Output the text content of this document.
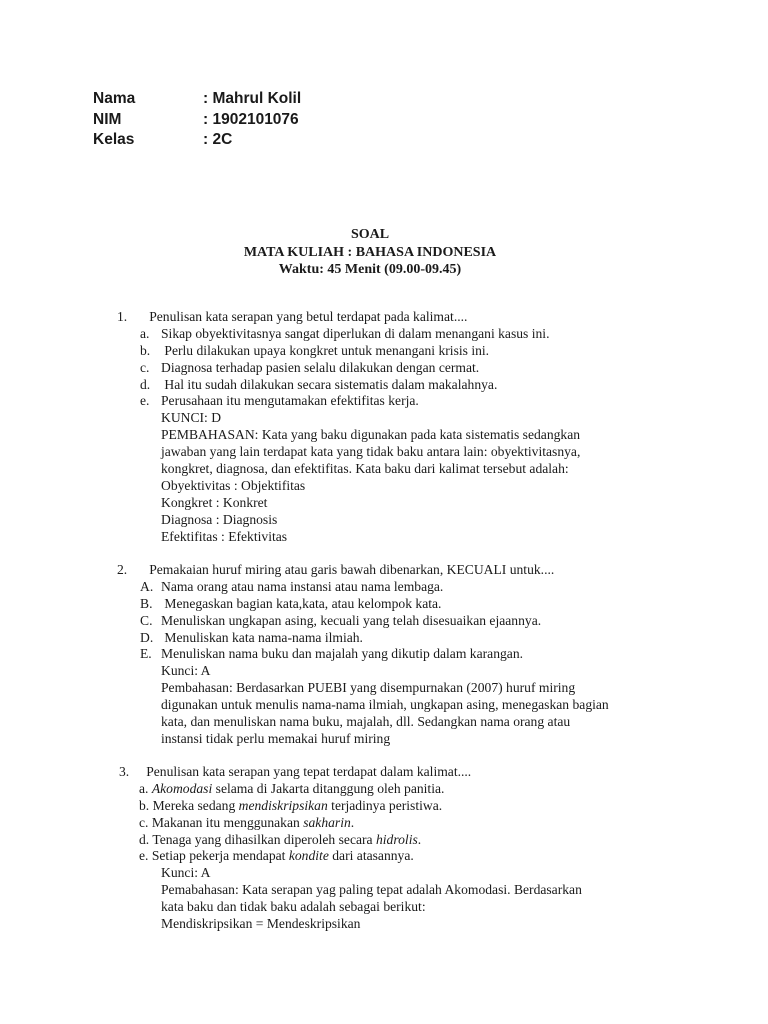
Nama	: Mahrul Kolil
NIM	: 1902101076
Kelas	: 2C
SOAL
MATA KULIAH : BAHASA INDONESIA
Waktu: 45 Menit (09.00-09.45)
1. Penulisan kata serapan yang betul terdapat pada kalimat....
a. Sikap obyektivitasnya sangat diperlukan di dalam menangani kasus ini.
b. Perlu dilakukan upaya kongkret untuk menangani krisis ini.
c. Diagnosa terhadap pasien selalu dilakukan dengan cermat.
d. Hal itu sudah dilakukan secara sistematis dalam makalahnya.
e. Perusahaan itu mengutamakan efektifitas kerja.
KUNCI: D
PEMBAHASAN: Kata yang baku digunakan pada kata sistematis sedangkan
jawaban yang lain terdapat kata yang tidak baku antara lain: obyektivitasnya,
kongkret, diagnosa, dan efektifitas. Kata baku dari kalimat tersebut adalah:
Obyektivitas : Objektifitas
Kongkret : Konkret
Diagnosa : Diagnosis
Efektifitas : Efektivitas
2. Pemakaian huruf miring atau garis bawah dibenarkan, KECUALI untuk....
A. Nama orang atau nama instansi atau nama lembaga.
B. Menegaskan bagian kata,kata, atau kelompok kata.
C. Menuliskan ungkapan asing, kecuali yang telah disesuaikan ejaannya.
D. Menuliskan kata nama-nama ilmiah.
E. Menuliskan nama buku dan majalah yang dikutip dalam karangan.
Kunci: A
Pembahasan: Berdasarkan PUEBI yang disempurnakan (2007) huruf miring
digunakan untuk menulis nama-nama ilmiah, ungkapan asing, menegaskan bagian
kata, dan menuliskan nama buku, majalah, dll. Sedangkan nama orang atau
instansi tidak perlu memakai huruf miring
3. Penulisan kata serapan yang tepat terdapat dalam kalimat....
a. Akomodasi selama di Jakarta ditanggung oleh panitia.
b. Mereka sedang mendiskripsikan terjadinya peristiwa.
c. Makanan itu menggunakan sakharin.
d. Tenaga yang dihasilkan diperoleh secara hidrolis.
e. Setiap pekerja mendapat kondite dari atasannya.
Kunci: A
Pemabahasan: Kata serapan yag paling tepat adalah Akomodasi. Berdasarkan
kata baku dan tidak baku adalah sebagai berikut:
Mendiskripsikan = Mendeskripsikan
